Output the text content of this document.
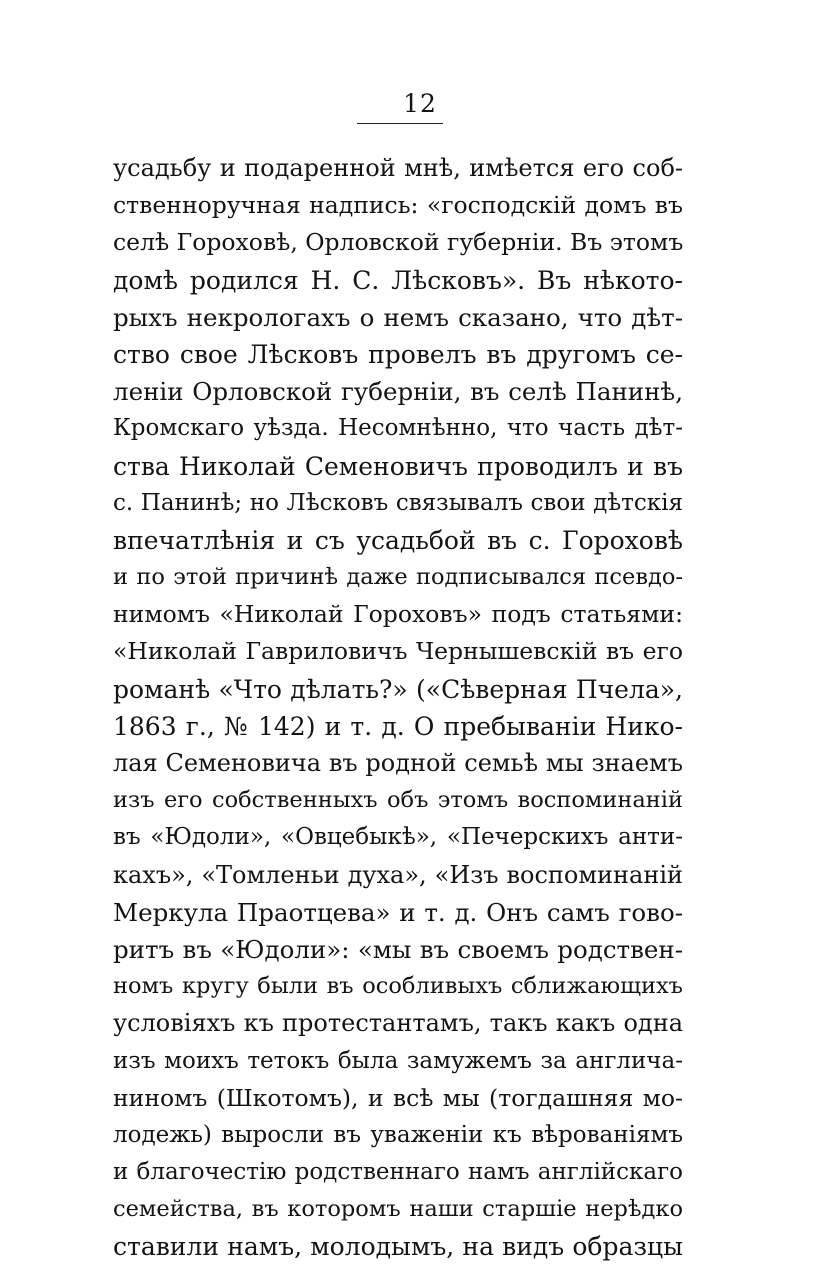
12
усадьбу и подаренной мнѣ, имѣется его соб-
ственноручная надпись: «господскій домъ въ
селѣ Гороховѣ, Орловской губерніи. Въ этомъ
домѣ родился Н. С. Лѣсковъ». Въ нѣкото-
рыхъ некрологахъ о немъ сказано, что дѣт-
ство свое Лѣсковъ провелъ въ другомъ се-
леніи Орловской губерніи, въ селѣ Панинѣ,
Кромскаго уѣзда. Несомнѣнно, что часть дѣт-
ства Николай Семеновичъ проводилъ и въ
с. Панинѣ; но Лѣсковъ связывалъ свои дѣтскія
впечатлѣнія и съ усадьбой въ с. Гороховѣ
и по этой причинѣ даже подписывался псевдо-
нимомъ «Николай Гороховъ» подъ статьями:
«Николай Гавриловичъ Чернышевскій въ его
романѣ «Что дѣлать?» («Сѣверная Пчела»,
1863 г., № 142) и т. д. О пребываніи Нико-
лая Семеновича въ родной семьѣ мы знаемъ
изъ его собственныхъ объ этомъ воспоминаній
въ «Юдоли», «Овцебыкѣ», «Печерскихъ анти-
кахъ», «Томленьи духа», «Изъ воспоминаній
Меркула Праотцева» и т. д. Онъ самъ гово-
ритъ въ «Юдоли»: «мы въ своемъ родствен-
номъ кругу были въ особливыхъ сближающихъ
условіяхъ къ протестантамъ, такъ какъ одна
изъ моихъ тетокъ была замужемъ за англича-
ниномъ (Шкотомъ), и всѣ мы (тогдашняя мо-
лодежь) выросли въ уваженіи къ вѣрованіямъ
и благочестію родственнаго намъ англійскаго
семейства, въ которомъ наши старшіе нерѣдко
ставили намъ, молодымъ, на видъ образцы
